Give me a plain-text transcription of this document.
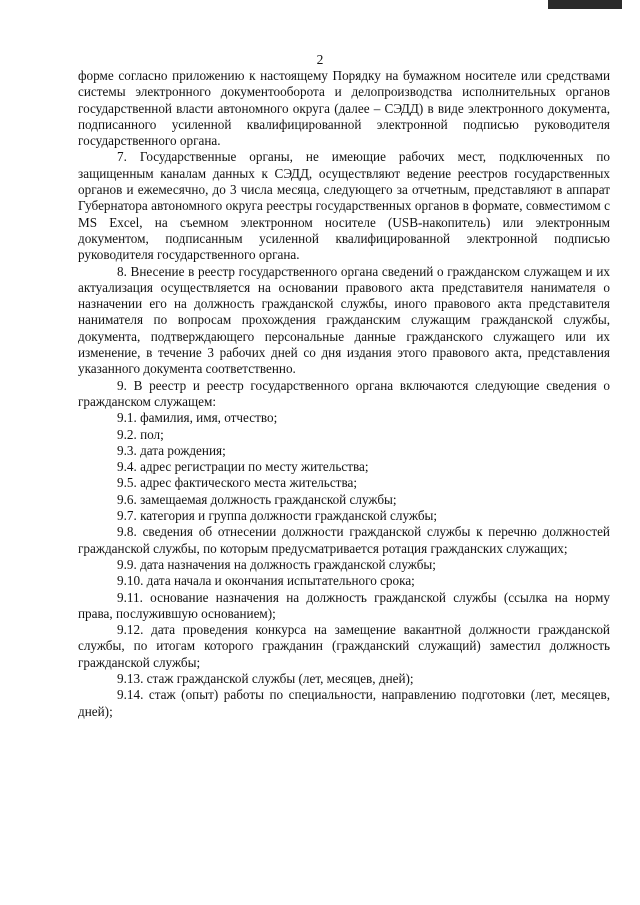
2

форме согласно приложению к настоящему Порядку на бумажном носителе или средствами системы электронного документооборота и делопроизводства исполнительных органов государственной власти автономного округа (далее – СЭДД) в виде электронного документа, подписанного усиленной квалифицированной электронной подписью руководителя государственного органа.

7. Государственные органы, не имеющие рабочих мест, подключенных по защищенным каналам данных к СЭДД, осуществляют ведение реестров государственных органов и ежемесячно, до 3 числа месяца, следующего за отчетным, представляют в аппарат Губернатора автономного округа реестры государственных органов в формате, совместимом с MS Excel, на съемном электронном носителе (USB-накопитель) или электронным документом, подписанным усиленной квалифицированной электронной подписью руководителя государственного органа.

8. Внесение в реестр государственного органа сведений о гражданском служащем и их актуализация осуществляется на основании правового акта представителя нанимателя о назначении его на должность гражданской службы, иного правового акта представителя нанимателя по вопросам прохождения гражданским служащим гражданской службы, документа, подтверждающего персональные данные гражданского служащего или их изменение, в течение 3 рабочих дней со дня издания этого правового акта, представления указанного документа соответственно.

9. В реестр и реестр государственного органа включаются следующие сведения о гражданском служащем:

9.1. фамилия, имя, отчество;

9.2. пол;

9.3. дата рождения;

9.4. адрес регистрации по месту жительства;

9.5. адрес фактического места жительства;

9.6. замещаемая должность гражданской службы;

9.7. категория и группа должности гражданской службы;

9.8. сведения об отнесении должности гражданской службы к перечню должностей гражданской службы, по которым предусматривается ротация гражданских служащих;

9.9. дата назначения на должность гражданской службы;

9.10. дата начала и окончания испытательного срока;

9.11. основание назначения на должность гражданской службы (ссылка на норму права, послужившую основанием);

9.12. дата проведения конкурса на замещение вакантной должности гражданской службы, по итогам которого гражданин (гражданский служащий) заместил должность гражданской службы;

9.13. стаж гражданской службы (лет, месяцев, дней);

9.14. стаж (опыт) работы по специальности, направлению подготовки (лет, месяцев, дней);
